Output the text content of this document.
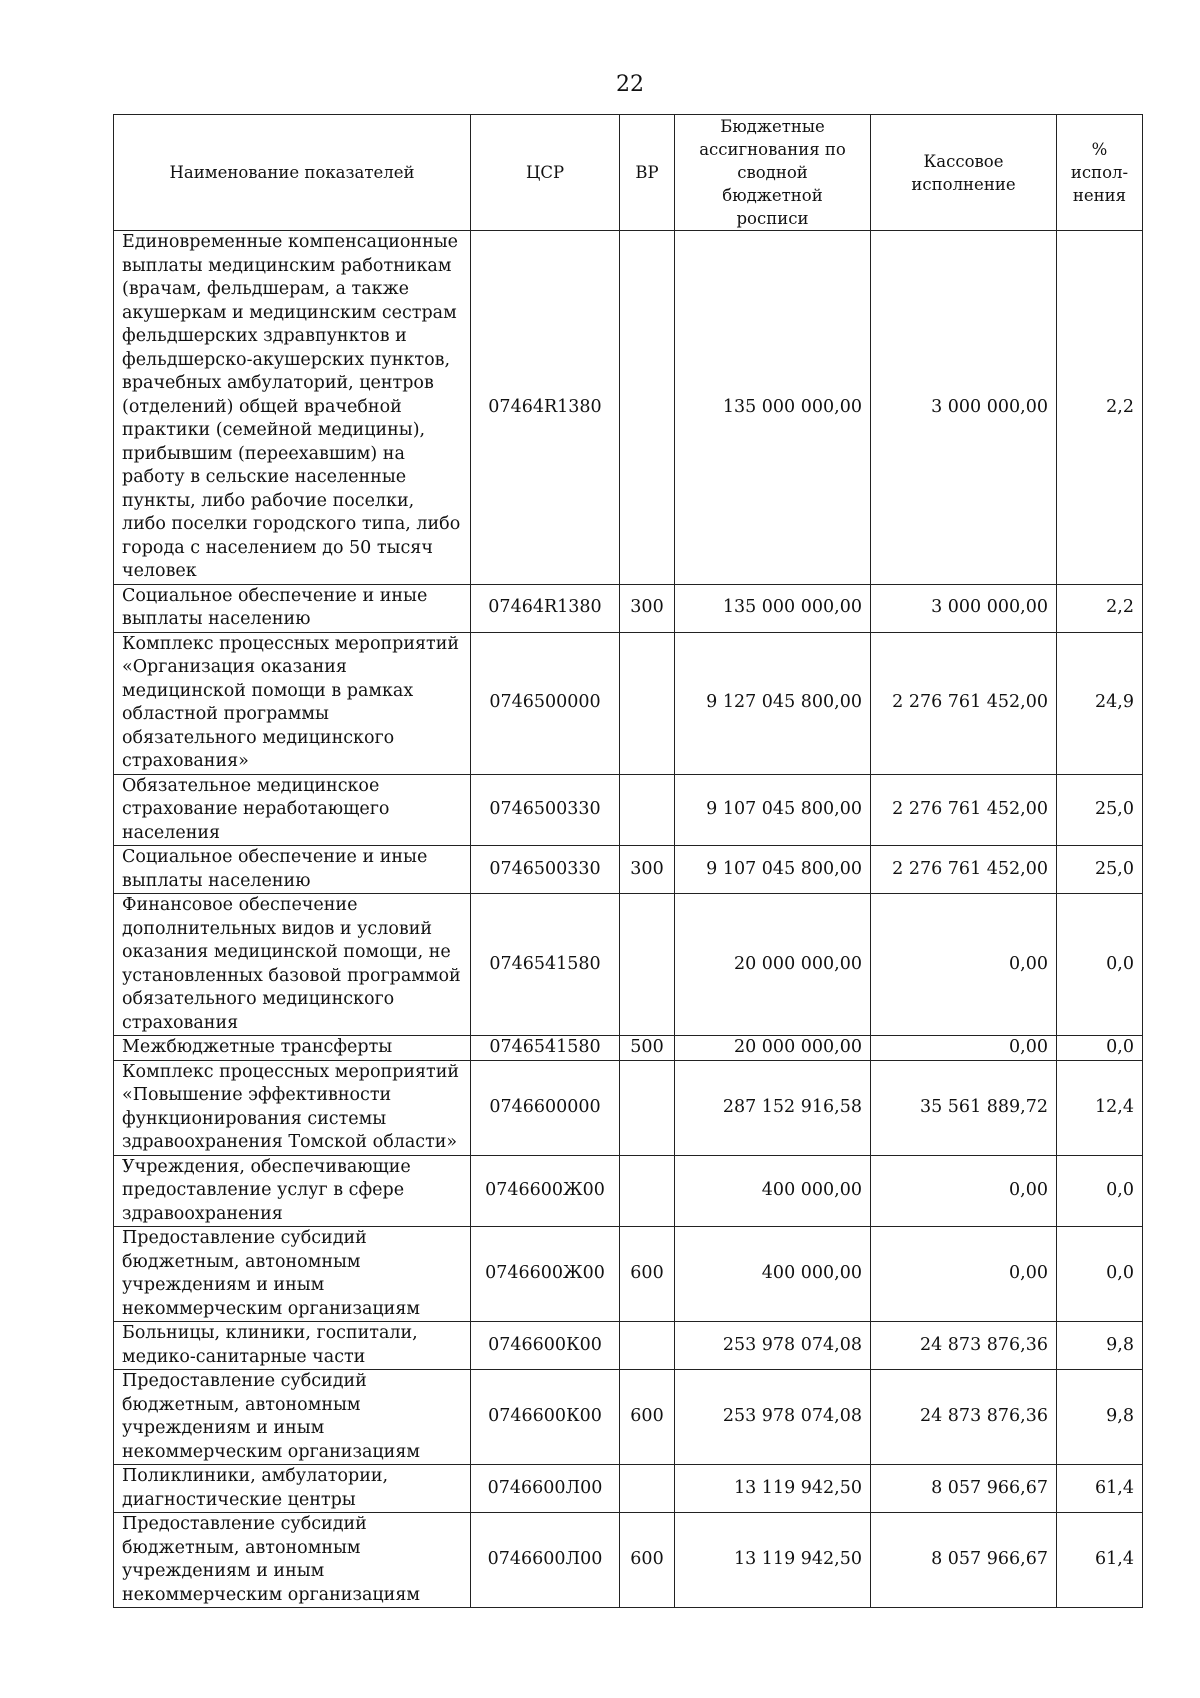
22
Наименование показателей	ЦСР	ВР	Бюджетные ассигнования по сводной бюджетной росписи	Кассовое исполнение	% испол-нения
Единовременные компенсационные выплаты медицинским работникам (врачам, фельдшерам, а также акушеркам и медицинским сестрам фельдшерских здравпунктов и фельдшерско-акушерских пунктов, врачебных амбулаторий, центров (отделений) общей врачебной практики (семейной медицины), прибывшим (переехавшим) на работу в сельские населенные пункты, либо рабочие поселки, либо поселки городского типа, либо города с населением до 50 тысяч человек	07464R1380		135 000 000,00	3 000 000,00	2,2
Социальное обеспечение и иные выплаты населению	07464R1380	300	135 000 000,00	3 000 000,00	2,2
Комплекс процессных мероприятий «Организация оказания медицинской помощи в рамках областной программы обязательного медицинского страхования»	0746500000		9 127 045 800,00	2 276 761 452,00	24,9
Обязательное медицинское страхование неработающего населения	0746500330		9 107 045 800,00	2 276 761 452,00	25,0
Социальное обеспечение и иные выплаты населению	0746500330	300	9 107 045 800,00	2 276 761 452,00	25,0
Финансовое обеспечение дополнительных видов и условий оказания медицинской помощи, не установленных базовой программой обязательного медицинского страхования	0746541580		20 000 000,00	0,00	0,0
Межбюджетные трансферты	0746541580	500	20 000 000,00	0,00	0,0
Комплекс процессных мероприятий «Повышение эффективности функционирования системы здравоохранения Томской области»	0746600000		287 152 916,58	35 561 889,72	12,4
Учреждения, обеспечивающие предоставление услуг в сфере здравоохранения	0746600Ж00		400 000,00	0,00	0,0
Предоставление субсидий бюджетным, автономным учреждениям и иным некоммерческим организациям	0746600Ж00	600	400 000,00	0,00	0,0
Больницы, клиники, госпитали, медико-санитарные части	0746600К00		253 978 074,08	24 873 876,36	9,8
Предоставление субсидий бюджетным, автономным учреждениям и иным некоммерческим организациям	0746600К00	600	253 978 074,08	24 873 876,36	9,8
Поликлиники, амбулатории, диагностические центры	0746600Л00		13 119 942,50	8 057 966,67	61,4
Предоставление субсидий бюджетным, автономным учреждениям и иным некоммерческим организациям	0746600Л00	600	13 119 942,50	8 057 966,67	61,4
